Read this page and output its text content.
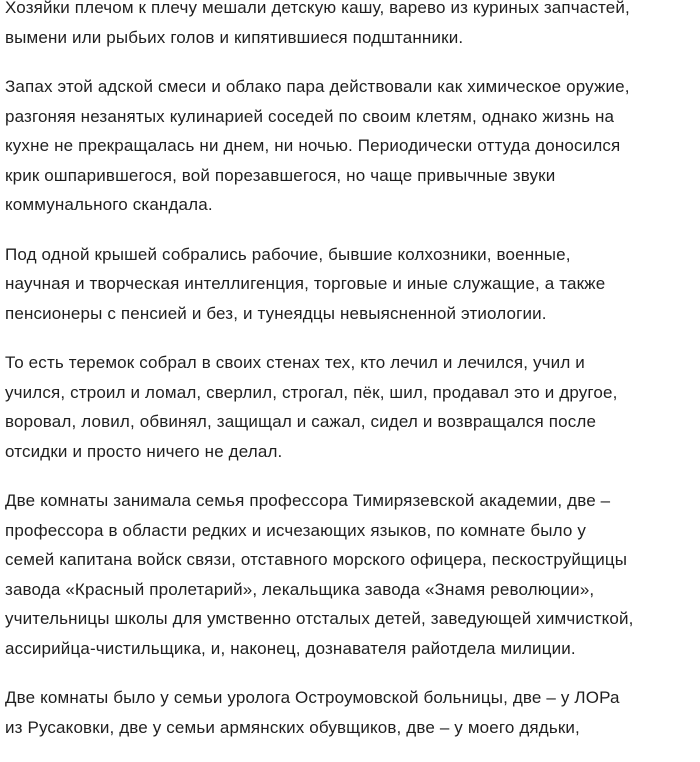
Хозяйки плечом к плечу мешали детскую кашу, варево из куриных запчастей,
вымени или рыбьих голов и кипятившиеся подштанники.

Запах этой адской смеси и облако пара действовали как химическое оружие,
разгоняя незанятых кулинарией соседей по своим клетям, однако жизнь на
кухне не прекращалась ни днем, ни ночью. Периодически оттуда доносился
крик ошпарившегося, вой порезавшегося, но чаще привычные звуки
коммунального скандала.

Под одной крышей собрались рабочие, бывшие колхозники, военные,
научная и творческая интеллигенция, торговые и иные служащие, а также
пенсионеры с пенсией и без, и тунеядцы невыясненной этиологии.

То есть теремок собрал в своих стенах тех, кто лечил и лечился, учил и
учился, строил и ломал, сверлил, строгал, пёк, шил, продавал это и другое,
воровал, ловил, обвинял, защищал и сажал, сидел и возвращался после
отсидки и просто ничего не делал.

Две комнаты занимала семья профессора Тимирязевской академии, две –
профессора в области редких и исчезающих языков, по комнате было у
семей капитана войск связи, отставного морского офицера, пескоструйщицы
завода «Красный пролетарий», лекальщика завода «Знамя революции»,
учительницы школы для умственно отсталых детей, заведующей химчисткой,
ассирийца-чистильщика, и, наконец, дознавателя райотдела милиции.

Две комнаты было у семьи уролога Остроумовской больницы, две – у ЛОРа
из Русаковки, две у семьи армянских обувщиков, две – у моего дядьки,
